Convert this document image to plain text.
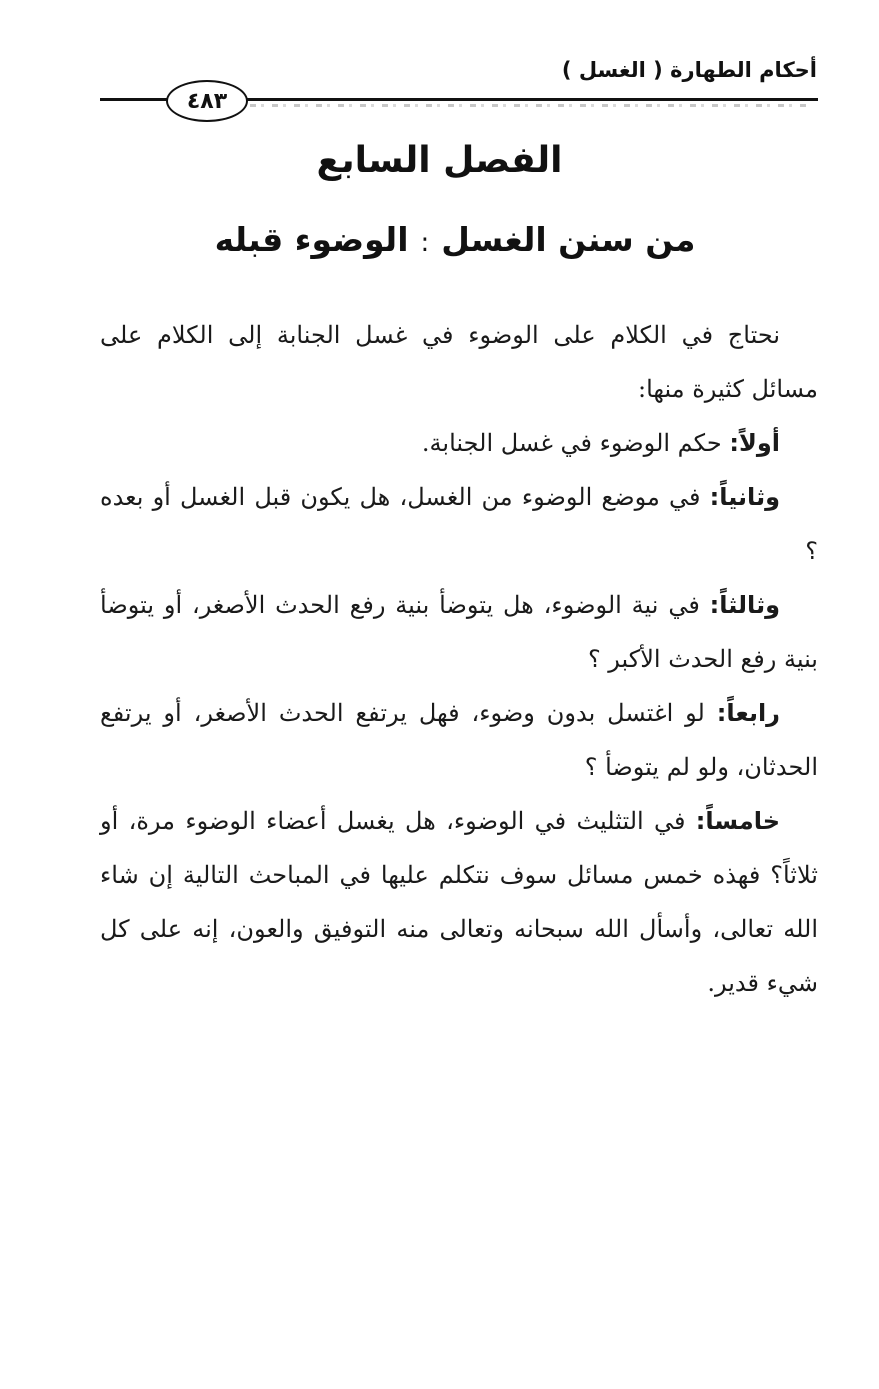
أحكام الطهارة ( الغسل )
٤٨٣
الفصل السابع
من سنن الغسل:الوضوء قبله

نحتاج في الكلام على الوضوء في غسل الجنابة إلى الكلام على مسائل كثيرة منها:

أولاً: حكم الوضوء في غسل الجنابة.

وثانياً: في موضع الوضوء من الغسل، هل يكون قبل الغسل أو بعده ؟

وثالثاً: في نية الوضوء، هل يتوضأ بنية رفع الحدث الأصغر، أو يتوضأ بنية رفع الحدث الأكبر ؟

رابعاً: لو اغتسل بدون وضوء، فهل يرتفع الحدث الأصغر، أو يرتفع الحدثان، ولو لم يتوضأ ؟

خامساً: في التثليث في الوضوء، هل يغسل أعضاء الوضوء مرة، أو ثلاثاً؟ فهذه خمس مسائل سوف نتكلم عليها في المباحث التالية إن شاء الله تعالى، وأسأل الله سبحانه وتعالى منه التوفيق والعون، إنه على كل شيء قدير.
